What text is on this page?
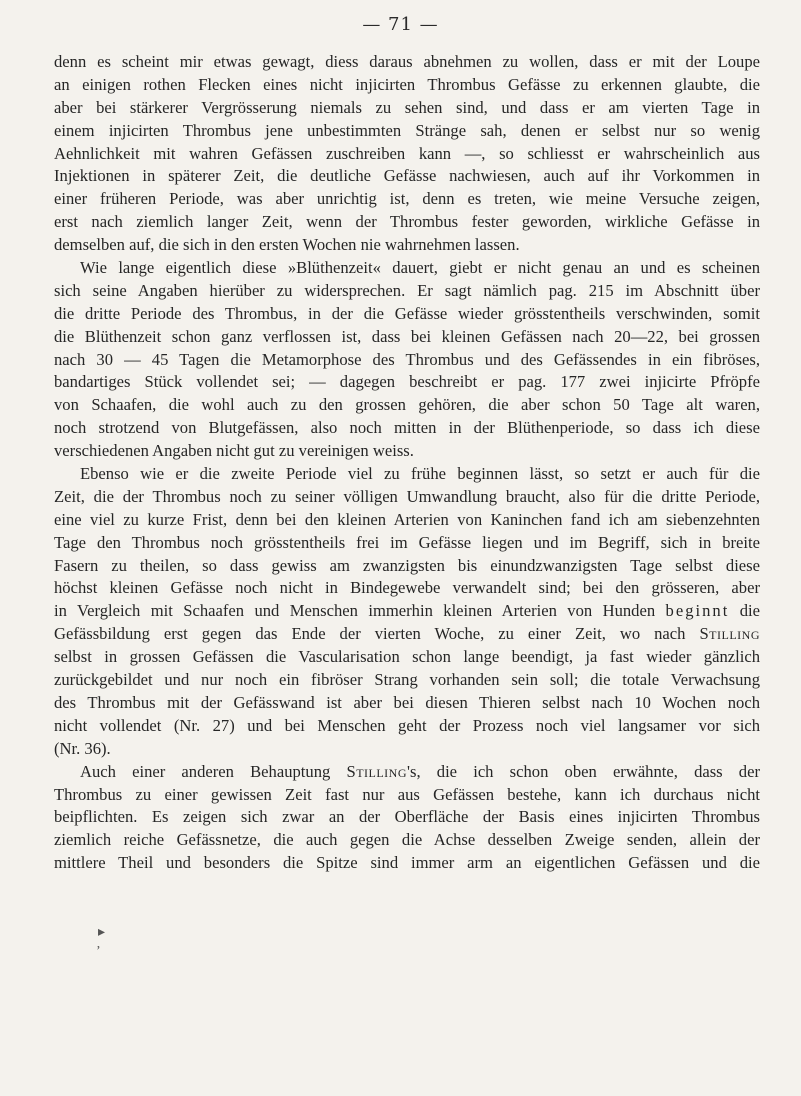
— 71 —
denn es scheint mir etwas gewagt, diess daraus abnehmen zu wollen, dass er mit der Loupe
an einigen rothen Flecken eines nicht injicirten Thrombus Gefässe zu erkennen glaubte, die
aber bei stärkerer Vergrösserung niemals zu sehen sind, und dass er am vierten Tage in
einem injicirten Thrombus jene unbestimmten Stränge sah, denen er selbst nur so wenig
Aehnlichkeit mit wahren Gefässen zuschreiben kann —, so schliesst er wahrscheinlich aus
Injektionen in späterer Zeit, die deutliche Gefässe nachwiesen, auch auf ihr Vorkommen in
einer früheren Periode, was aber unrichtig ist, denn es treten, wie meine Versuche zeigen,
erst nach ziemlich langer Zeit, wenn der Thrombus fester geworden, wirkliche Gefässe in
demselben auf, die sich in den ersten Wochen nie wahrnehmen lassen.
Wie lange eigentlich diese »Blüthenzeit« dauert, giebt er nicht genau an und es scheinen
sich seine Angaben hierüber zu widersprechen. Er sagt nämlich pag. 215 im Abschnitt über
die dritte Periode des Thrombus, in der die Gefässe wieder grösstentheils verschwinden, somit
die Blüthenzeit schon ganz verflossen ist, dass bei kleinen Gefässen nach 20—22, bei grossen
nach 30 — 45 Tagen die Metamorphose des Thrombus und des Gefässendes in ein fibröses,
bandartiges Stück vollendet sei; — dagegen beschreibt er pag. 177 zwei injicirte Pfröpfe
von Schaafen, die wohl auch zu den grossen gehören, die aber schon 50 Tage alt waren,
noch strotzend von Blutgefässen, also noch mitten in der Blüthenperiode, so dass ich diese
verschiedenen Angaben nicht gut zu vereinigen weiss.
Ebenso wie er die zweite Periode viel zu frühe beginnen lässt, so setzt er auch für die
Zeit, die der Thrombus noch zu seiner völligen Umwandlung braucht, also für die dritte Periode,
eine viel zu kurze Frist, denn bei den kleinen Arterien von Kaninchen fand ich am siebenzehnten
Tage den Thrombus noch grösstentheils frei im Gefässe liegen und im Begriff, sich in breite
Fasern zu theilen, so dass gewiss am zwanzigsten bis einundzwanzigsten Tage selbst diese
höchst kleinen Gefässe noch nicht in Bindegewebe verwandelt sind; bei den grösseren, aber
in Vergleich mit Schaafen und Menschen immerhin kleinen Arterien von Hunden beginnt die
Gefässbildung erst gegen das Ende der vierten Woche, zu einer Zeit, wo nach Stilling
selbst in grossen Gefässen die Vascularisation schon lange beendigt, ja fast wieder gänzlich
zurückgebildet und nur noch ein fibröser Strang vorhanden sein soll; die totale Verwachsung
des Thrombus mit der Gefässwand ist aber bei diesen Thieren selbst nach 10 Wochen noch
nicht vollendet (Nr. 27) und bei Menschen geht der Prozess noch viel langsamer vor sich
(Nr. 36).
Auch einer anderen Behauptung Stilling's, die ich schon oben erwähnte, dass der
Thrombus zu einer gewissen Zeit fast nur aus Gefässen bestehe, kann ich durchaus nicht
beipflichten. Es zeigen sich zwar an der Oberfläche der Basis eines injicirten Thrombus
ziemlich reiche Gefässnetze, die auch gegen die Achse desselben Zweige senden, allein der
mittlere Theil und besonders die Spitze sind immer arm an eigentlichen Gefässen und die
▸
ʼ
